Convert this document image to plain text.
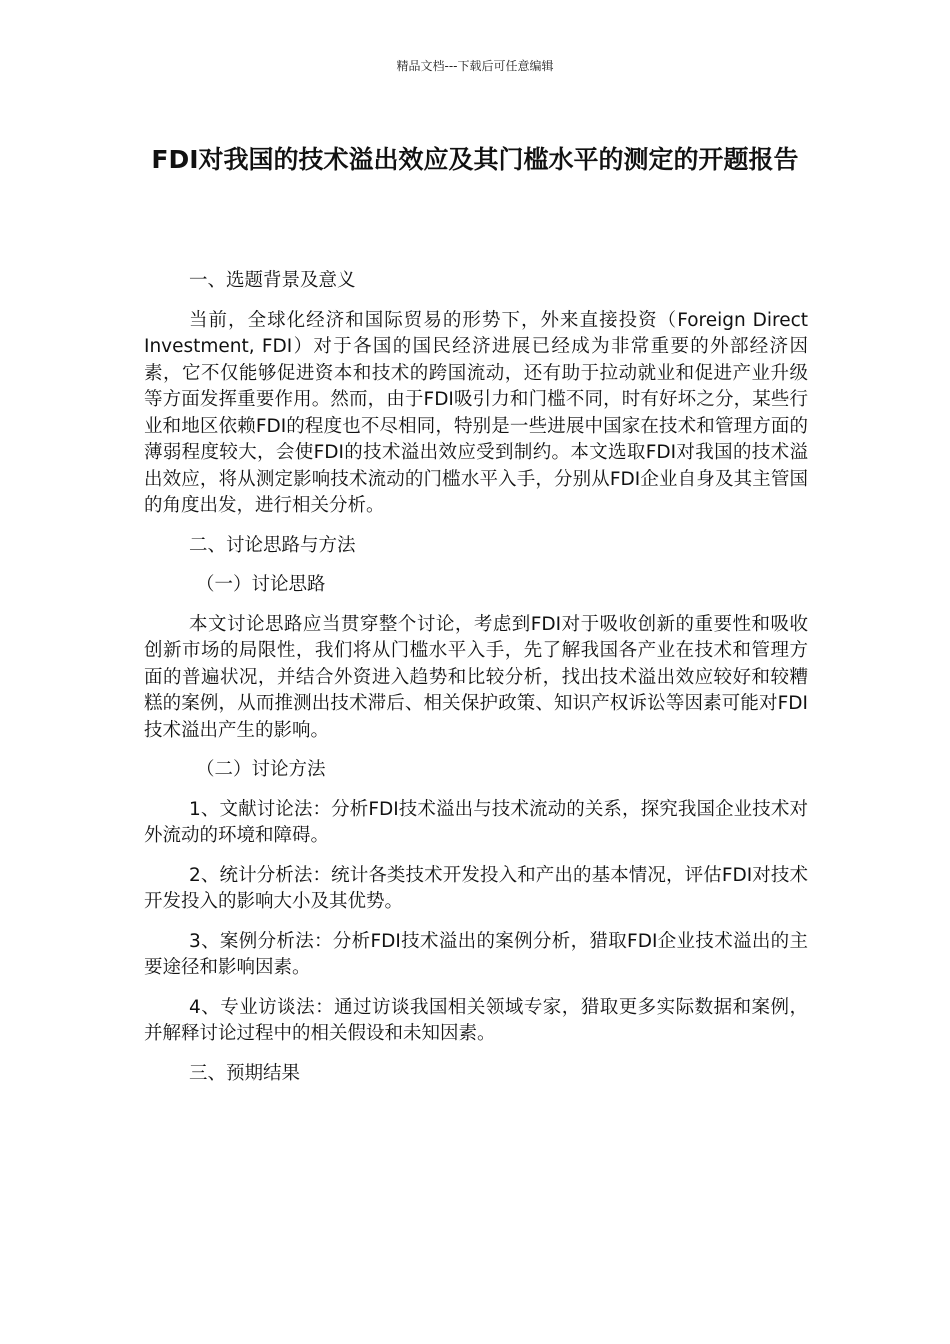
精品文档---下载后可任意编辑
FDI对我国的技术溢出效应及其门槛水平的测定的开题报告

一、选题背景及意义

当前，全球化经济和国际贸易的形势下，外来直接投资（Foreign Direct Investment, FDI）对于各国的国民经济进展已经成为非常重要的外部经济因素，它不仅能够促进资本和技术的跨国流动，还有助于拉动就业和促进产业升级等方面发挥重要作用。然而，由于FDI吸引力和门槛不同，时有好坏之分，某些行业和地区依赖FDI的程度也不尽相同，特别是一些进展中国家在技术和管理方面的薄弱程度较大，会使FDI的技术溢出效应受到制约。本文选取FDI对我国的技术溢出效应，将从测定影响技术流动的门槛水平入手，分别从FDI企业自身及其主管国的角度出发，进行相关分析。

二、讨论思路与方法

（一）讨论思路

本文讨论思路应当贯穿整个讨论，考虑到FDI对于吸收创新的重要性和吸收创新市场的局限性，我们将从门槛水平入手，先了解我国各产业在技术和管理方面的普遍状况，并结合外资进入趋势和比较分析，找出技术溢出效应较好和较糟糕的案例，从而推测出技术滞后、相关保护政策、知识产权诉讼等因素可能对FDI技术溢出产生的影响。

（二）讨论方法

1、文献讨论法：分析FDI技术溢出与技术流动的关系，探究我国企业技术对外流动的环境和障碍。

2、统计分析法：统计各类技术开发投入和产出的基本情况，评估FDI对技术开发投入的影响大小及其优势。

3、案例分析法：分析FDI技术溢出的案例分析，猎取FDI企业技术溢出的主要途径和影响因素。

4、专业访谈法：通过访谈我国相关领域专家，猎取更多实际数据和案例，并解释讨论过程中的相关假设和未知因素。

三、预期结果
